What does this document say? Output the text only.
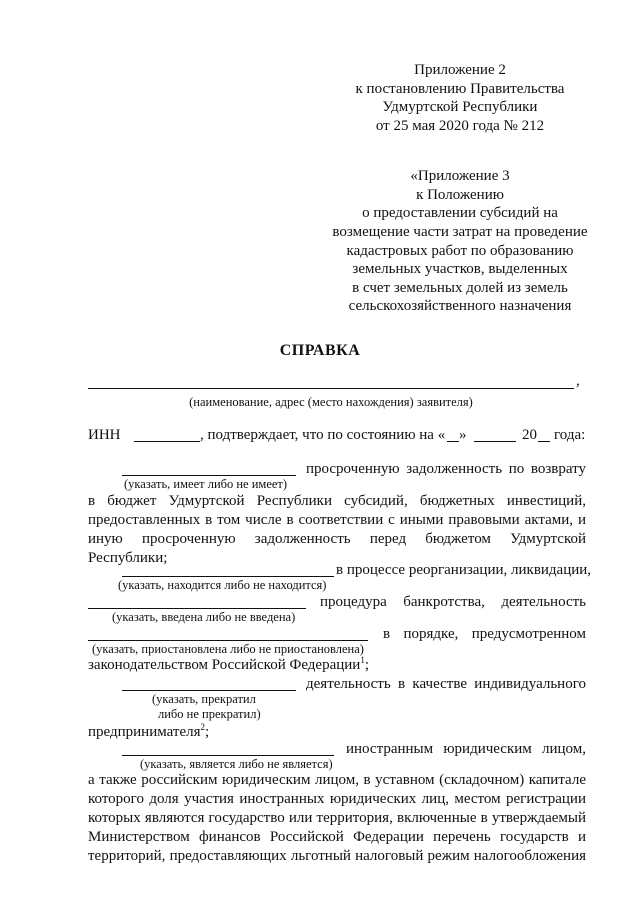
Приложение 2
к постановлению Правительства
Удмуртской Республики
от 25 мая 2020 года № 212
«Приложение 3
к Положению
о предоставлении субсидий на
возмещение части затрат на проведение
кадастровых работ по образованию
земельных участков, выделенных
в счет земельных долей из земель
сельскохозяйственного назначения
СПРАВКА
,
(наименование, адрес (место нахождения) заявителя)
ИНН	, подтверждает, что по состоянию на « »	20 года:
просроченную задолженность по возврату
(указать, имеет либо не имеет)
в бюджет Удмуртской Республики субсидий, бюджетных инвестиций,
предоставленных в том числе в соответствии с иными правовыми актами, и
иную просроченную задолженность перед бюджетом Удмуртской
Республики;
в процессе реорганизации, ликвидации,
(указать, находится либо не находится)
процедура банкротства, деятельность
(указать, введена либо не введена)
в порядке, предусмотренном
(указать, приостановлена либо не приостановлена)
законодательством Российской Федерации$^1$;
деятельность в качестве индивидуального
(указать, прекратил
либо не прекратил)
предпринимателя$^2$;
иностранным юридическим лицом,
(указать, является либо не является)
а также российским юридическим лицом, в уставном (складочном) капитале
которого доля участия иностранных юридических лиц, местом регистрации
которых являются государство или территория, включенные в утверждаемый
Министерством финансов Российской Федерации перечень государств и
территорий, предоставляющих льготный налоговый режим налогообложения
